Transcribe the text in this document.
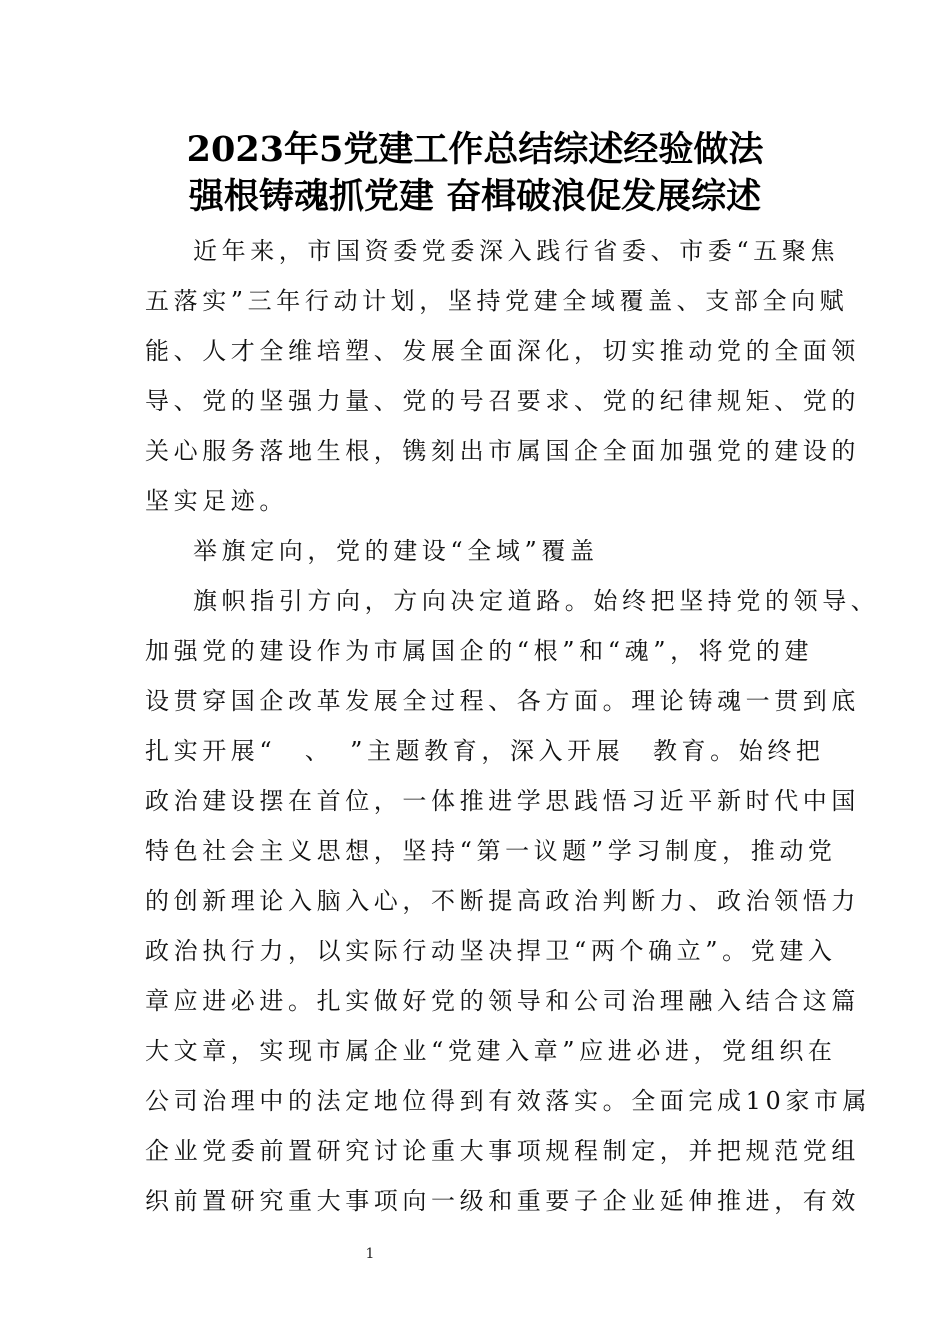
2023年5党建工作总结综述经验做法
强根铸魂抓党建 奋楫破浪促发展综述
近年来，市国资委党委深入践行省委、市委“五聚焦
五落实”三年行动计划，坚持党建全域覆盖、支部全向赋
能、人才全维培塑、发展全面深化，切实推动党的全面领
导、党的坚强力量、党的号召要求、党的纪律规矩、党的
关心服务落地生根，镌刻出市属国企全面加强党的建设的
坚实足迹。
举旗定向，党的建设“全域”覆盖
旗帜指引方向，方向决定道路。始终把坚持党的领导、
加强党的建设作为市属国企的“根”和“魂”，将党的建
设贯穿国企改革发展全过程、各方面。理论铸魂一贯到底
扎实开展“　、　”主题教育，深入开展　教育。始终把
政治建设摆在首位，一体推进学思践悟习近平新时代中国
特色社会主义思想，坚持“第一议题”学习制度，推动党
的创新理论入脑入心，不断提高政治判断力、政治领悟力
政治执行力，以实际行动坚决捍卫“两个确立”。党建入
章应进必进。扎实做好党的领导和公司治理融入结合这篇
大文章，实现市属企业“党建入章”应进必进，党组织在
公司治理中的法定地位得到有效落实。全面完成10家市属
企业党委前置研究讨论重大事项规程制定，并把规范党组
织前置研究重大事项向一级和重要子企业延伸推进，有效
1
